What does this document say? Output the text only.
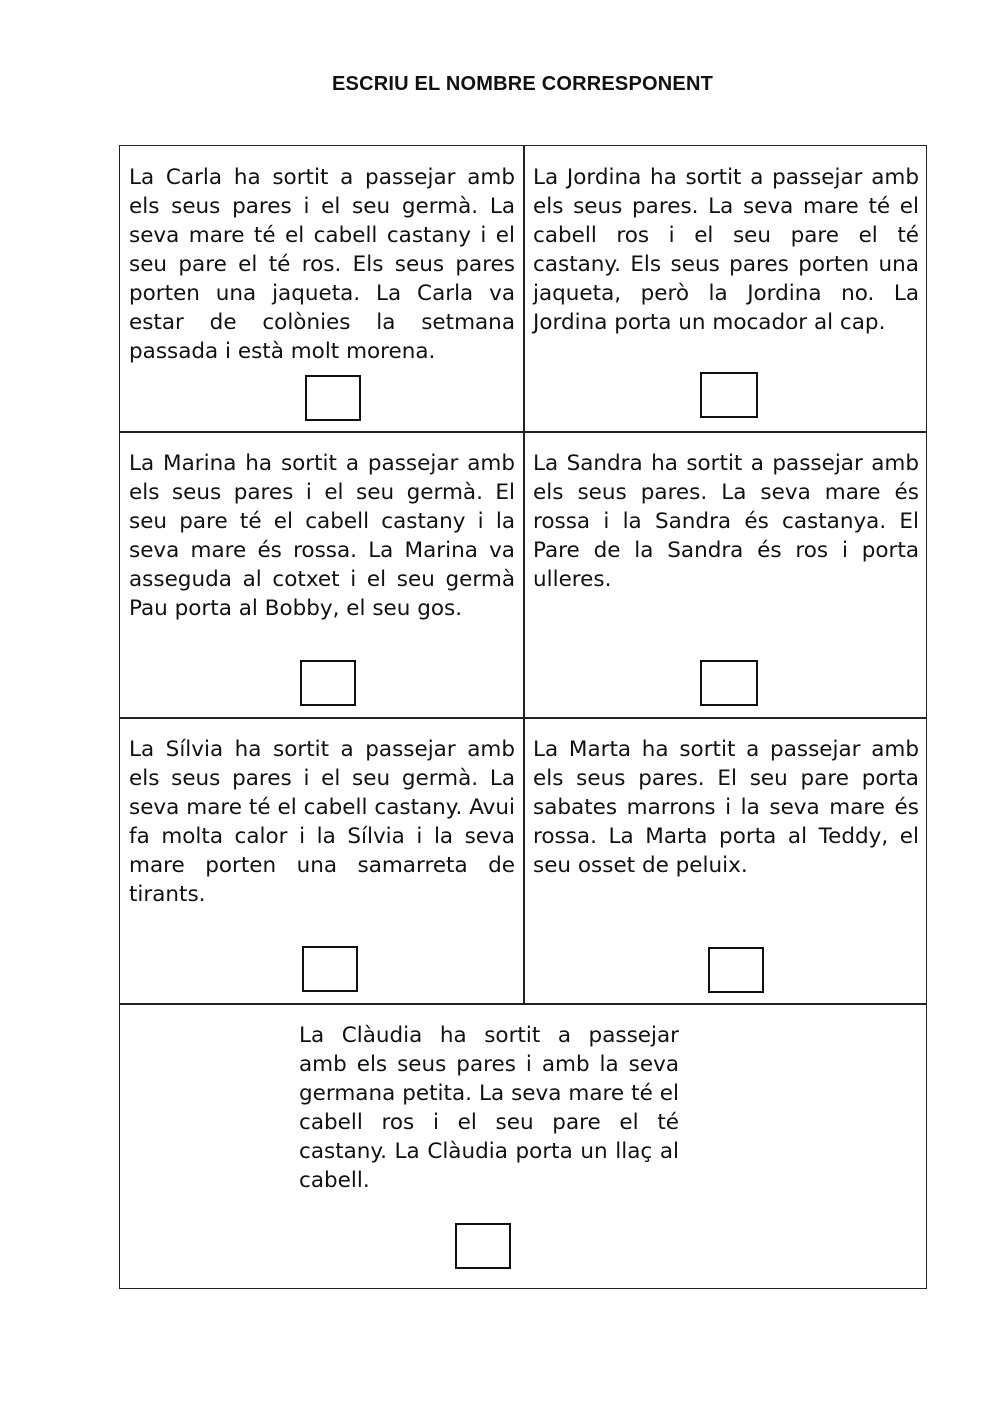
ESCRIU EL NOMBRE CORRESPONENT
La Carla ha sortit a passejar amb els seus pares i el seu germà. La seva mare té el cabell castany i el seu pare el té ros. Els seus pares porten una jaqueta. La Carla va estar de colònies la setmana passada i està molt morena.
La Jordina ha sortit a passejar amb els seus pares. La seva mare té el cabell ros i el seu pare el té castany. Els seus pares porten una jaqueta, però la Jordina no. La Jordina porta un mocador al cap.
La Marina ha sortit a passejar amb els seus pares i el seu germà. El seu pare té el cabell castany i la seva mare és rossa. La Marina va asseguda al cotxet i el seu germà Pau porta al Bobby, el seu gos.
La Sandra ha sortit a passejar amb els seus pares. La seva mare és rossa i la Sandra és castanya. El Pare de la Sandra és ros i porta ulleres.
La Sílvia ha sortit a passejar amb els seus pares i el seu germà. La seva mare té el cabell castany. Avui fa molta calor i la Sílvia i la seva mare porten una samarreta de tirants.
La Marta ha sortit a passejar amb els seus pares. El seu pare porta sabates marrons i la seva mare és rossa. La Marta porta al Teddy, el seu osset de peluix.
La Clàudia ha sortit a passejar amb els seus pares i amb la seva germana petita. La seva mare té el cabell ros i el seu pare el té castany. La Clàudia porta un llaç al cabell.
